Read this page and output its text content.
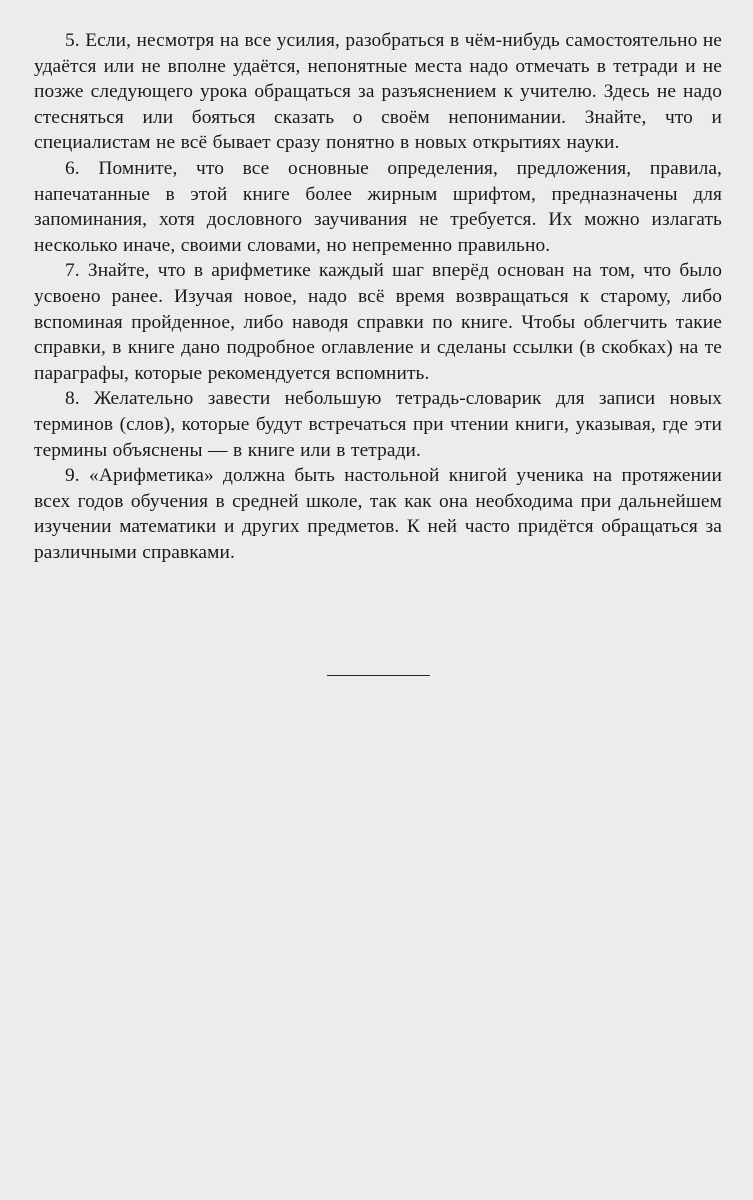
5. Если, несмотря на все усилия, разобраться в чём-нибудь самостоятельно не удаётся или не вполне удаётся, непонятные места надо отмечать в тетради и не позже следующего урока обращаться за разъяснением к учителю. Здесь не надо стесняться или бояться сказать о своём непонимании. Знайте, что и специалистам не всё бывает сразу понятно в новых открытиях науки.

6. Помните, что все основные определения, предложения, правила, напечатанные в этой книге более жирным шрифтом, предназначены для запоминания, хотя дословного заучивания не требуется. Их можно излагать несколько иначе, своими словами, но непременно правильно.

7. Знайте, что в арифметике каждый шаг вперёд основан на том, что было усвоено ранее. Изучая новое, надо всё время возвращаться к старому, либо вспоминая пройденное, либо наводя справки по книге. Чтобы облегчить такие справки, в книге дано подробное оглавление и сделаны ссылки (в скобках) на те параграфы, которые рекомендуется вспомнить.

8. Желательно завести небольшую тетрадь-словарик для записи новых терминов (слов), которые будут встречаться при чтении книги, указывая, где эти термины объяснены — в книге или в тетради.

9. «Арифметика» должна быть настольной книгой ученика на протяжении всех годов обучения в средней школе, так как она необходима при дальнейшем изучении математики и других предметов. К ней часто придётся обращаться за различными справками.
